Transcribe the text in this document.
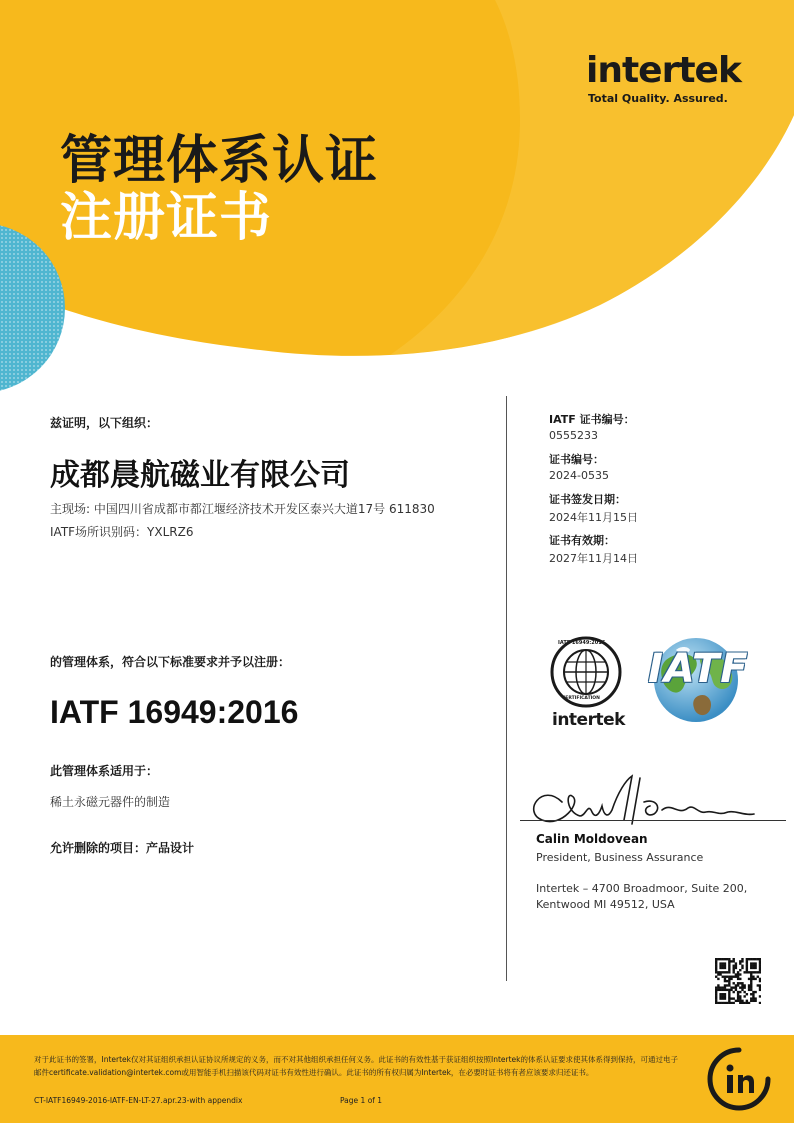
管理体系认证
注册证书
intertek
Total Quality. Assured.
兹证明，以下组织：
成都晨航磁业有限公司
主现场: 中国四川省成都市都江堰经济技术开发区泰兴大道17号 611830
IATF场所识别码：YXLRZ6
的管理体系，符合以下标准要求并予以注册：
IATF 16949:2016
此管理体系适用于：
稀土永磁元器件的制造
允许删除的项目：产品设计
IATF 证书编号：
0555233
证书编号：
2024-0535
证书签发日期：
2024年11月15日
证书有效期：
2027年11月14日
IATF 16949:2016
CERTIFICATION
intertek
IATF
Calin Moldovean
President, Business Assurance
Intertek – 4700 Broadmoor, Suite 200,
Kentwood MI 49512, USA
对于此证书的签署，Intertek仅对其证组织承担认证协议所规定的义务，而不对其他组织承担任何义务。此证书的有效性基于获证组织按照Intertek的体系认证要求使其体系得到保持，可通过电子邮件certificate.validation@intertek.com或用智能手机扫描该代码对证书有效性进行确认。此证书的所有权归属为Intertek，在必要时证书将有者应该要求归还证书。
CT-IATF16949-2016-IATF-EN-LT-27.apr.23-with appendix	Page 1 of 1
